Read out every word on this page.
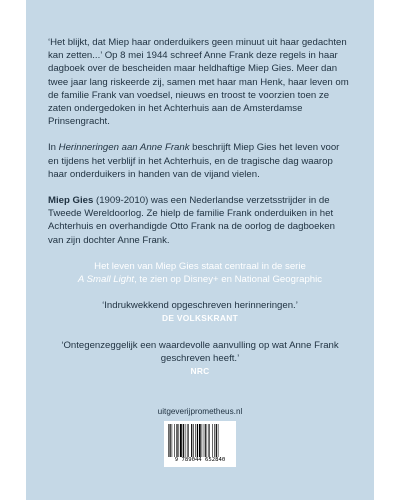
‘Het blijkt, dat Miep haar onderduikers geen minuut uit haar gedachten kan zetten...’ Op 8 mei 1944 schreef Anne Frank deze regels in haar dagboek over de bescheiden maar heldhaftige Miep Gies. Meer dan twee jaar lang riskeerde zij, samen met haar man Henk, haar leven om de familie Frank van voedsel, nieuws en troost te voorzien toen ze zaten ondergedoken in het Achterhuis aan de Amsterdamse Prinsengracht.

In Herinneringen aan Anne Frank beschrijft Miep Gies het leven voor en tijdens het verblijf in het Achterhuis, en de tragische dag waarop haar onderduikers in handen van de vijand vielen.

Miep Gies (1909-2010) was een Nederlandse verzetsstrijder in de Tweede Wereldoorlog. Ze hielp de familie Frank onderduiken in het Achterhuis en overhandigde Otto Frank na de oorlog de dagboeken van zijn dochter Anne Frank.

Het leven van Miep Gies staat centraal in de serie
A Small Light, te zien op Disney+ en National Geographic

‘Indrukwekkend opgeschreven herinneringen.’
DE VOLKSKRANT

‘Ontegenzeggelijk een waardevolle aanvulling op wat Anne Frank geschreven heeft.’
NRC

uitgeverijprometheus.nl
9 789044 652840
